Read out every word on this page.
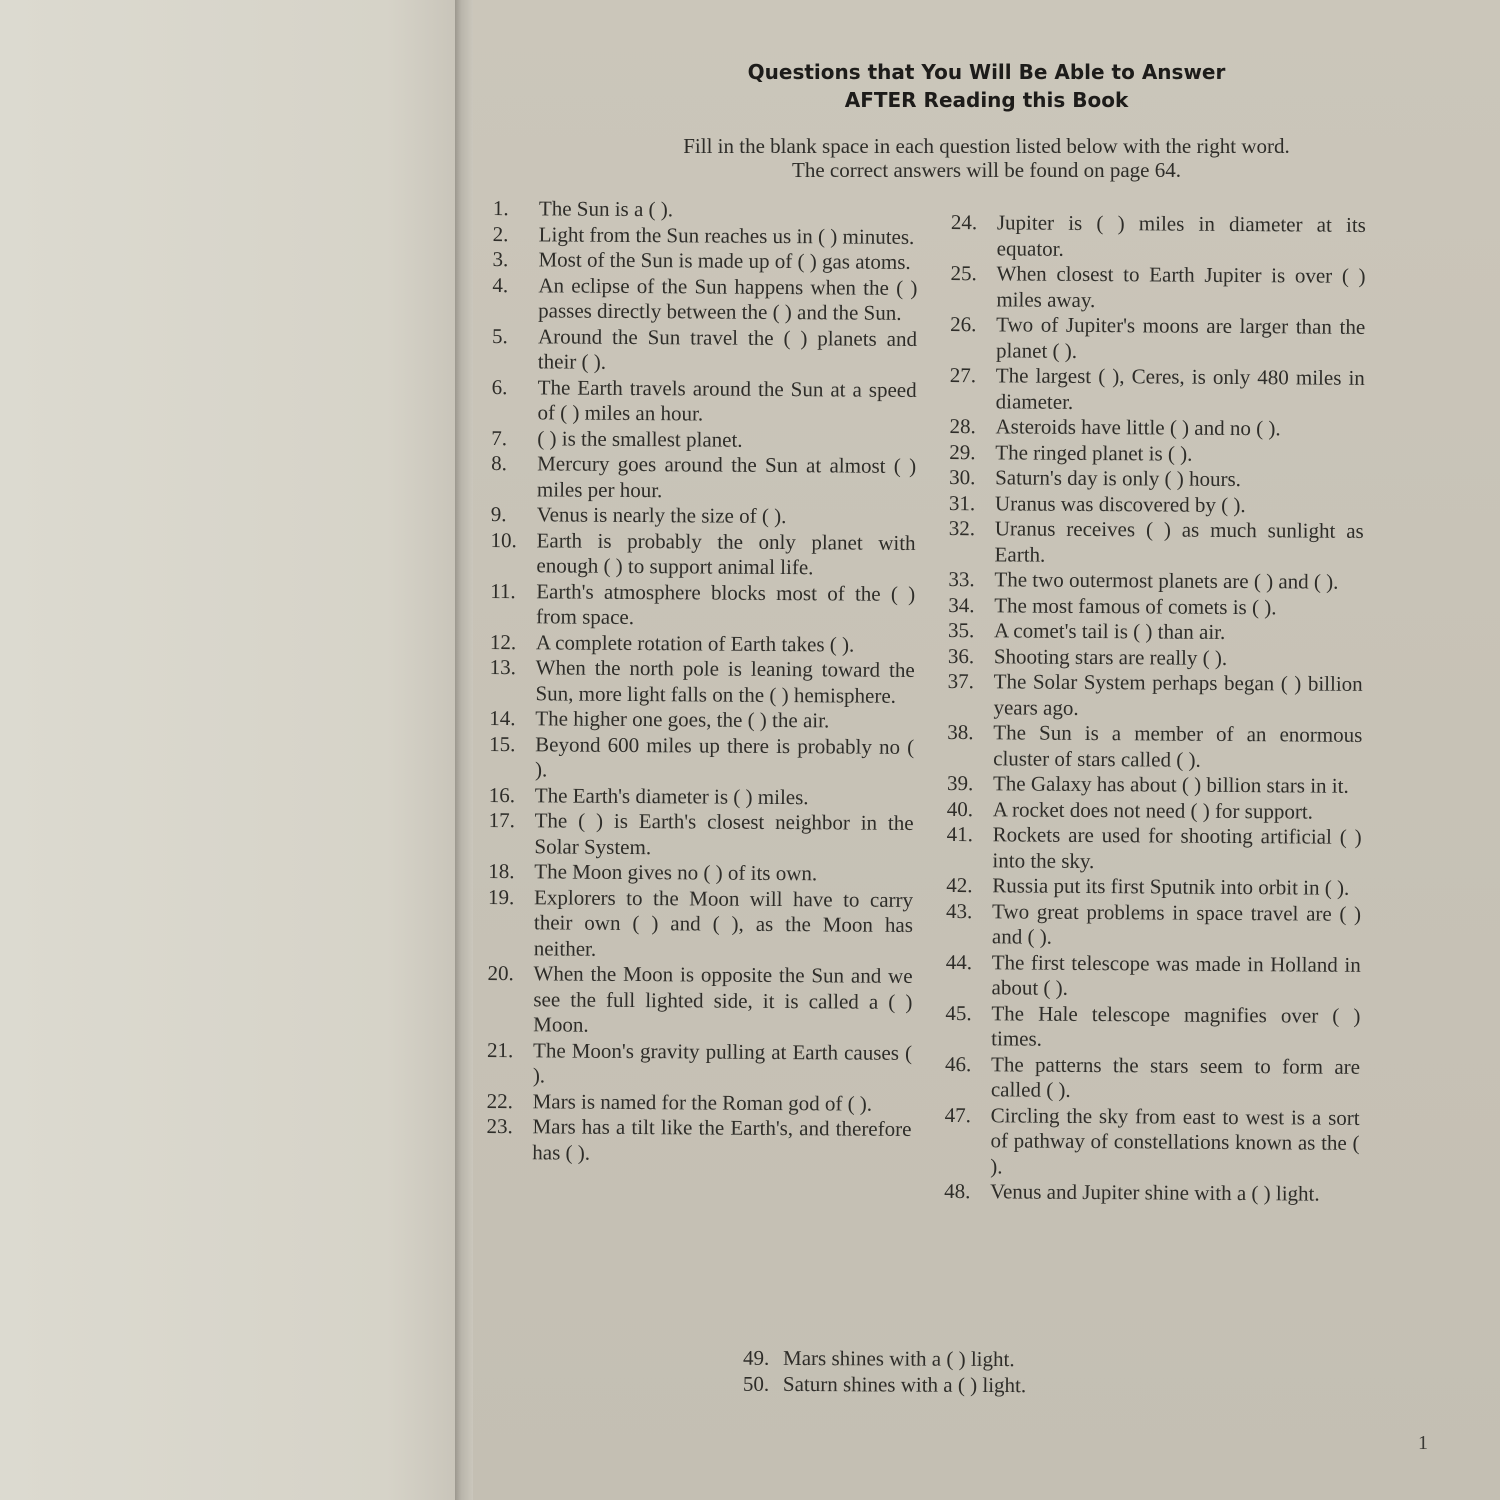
Questions that You Will Be Able to Answer
AFTER Reading this Book
Fill in the blank space in each question listed below with the right word.
The correct answers will be found on page 64.
1.	The Sun is a ( ).
2.	Light from the Sun reaches us in ( ) minutes.
3.	Most of the Sun is made up of ( ) gas atoms.
4.	An eclipse of the Sun happens when the ( ) passes directly between the ( ) and the Sun.
5.	Around the Sun travel the ( ) planets and their ( ).
6.	The Earth travels around the Sun at a speed of ( ) miles an hour.
7.	( ) is the smallest planet.
8.	Mercury goes around the Sun at almost ( ) miles per hour.
9.	Venus is nearly the size of ( ).
10. Earth is probably the only planet with enough ( ) to support animal life.
11. Earth's atmosphere blocks most of the ( ) from space.
12. A complete rotation of Earth takes ( ).
13. When the north pole is leaning toward the Sun, more light falls on the ( ) hemisphere.
14. The higher one goes, the ( ) the air.
15. Beyond 600 miles up there is probably no ( ).
16. The Earth's diameter is ( ) miles.
17. The ( ) is Earth's closest neighbor in the Solar System.
18. The Moon gives no ( ) of its own.
19. Explorers to the Moon will have to carry their own ( ) and ( ), as the Moon has neither.
20. When the Moon is opposite the Sun and we see the full lighted side, it is called a ( ) Moon.
21. The Moon's gravity pulling at Earth causes ( ).
22. Mars is named for the Roman god of ( ).
23. Mars has a tilt like the Earth's, and therefore has ( ).
24. Jupiter is ( ) miles in diameter at its equator.
25. When closest to Earth Jupiter is over ( ) miles away.
26. Two of Jupiter's moons are larger than the planet ( ).
27. The largest ( ), Ceres, is only 480 miles in diameter.
28. Asteroids have little ( ) and no ( ).
29. The ringed planet is ( ).
30. Saturn's day is only ( ) hours.
31. Uranus was discovered by ( ).
32. Uranus receives ( ) as much sunlight as Earth.
33. The two outermost planets are ( ) and ( ).
34. The most famous of comets is ( ).
35. A comet's tail is ( ) than air.
36. Shooting stars are really ( ).
37. The Solar System perhaps began ( ) billion years ago.
38. The Sun is a member of an enormous cluster of stars called ( ).
39. The Galaxy has about ( ) billion stars in it.
40. A rocket does not need ( ) for support.
41. Rockets are used for shooting artificial ( ) into the sky.
42. Russia put its first Sputnik into orbit in ( ).
43. Two great problems in space travel are ( ) and ( ).
44. The first telescope was made in Holland in about ( ).
45. The Hale telescope magnifies over ( ) times.
46. The patterns the stars seem to form are called ( ).
47. Circling the sky from east to west is a sort of pathway of constellations known as the ( ).
48. Venus and Jupiter shine with a ( ) light.
49. Mars shines with a ( ) light.
50. Saturn shines with a ( ) light.
1
